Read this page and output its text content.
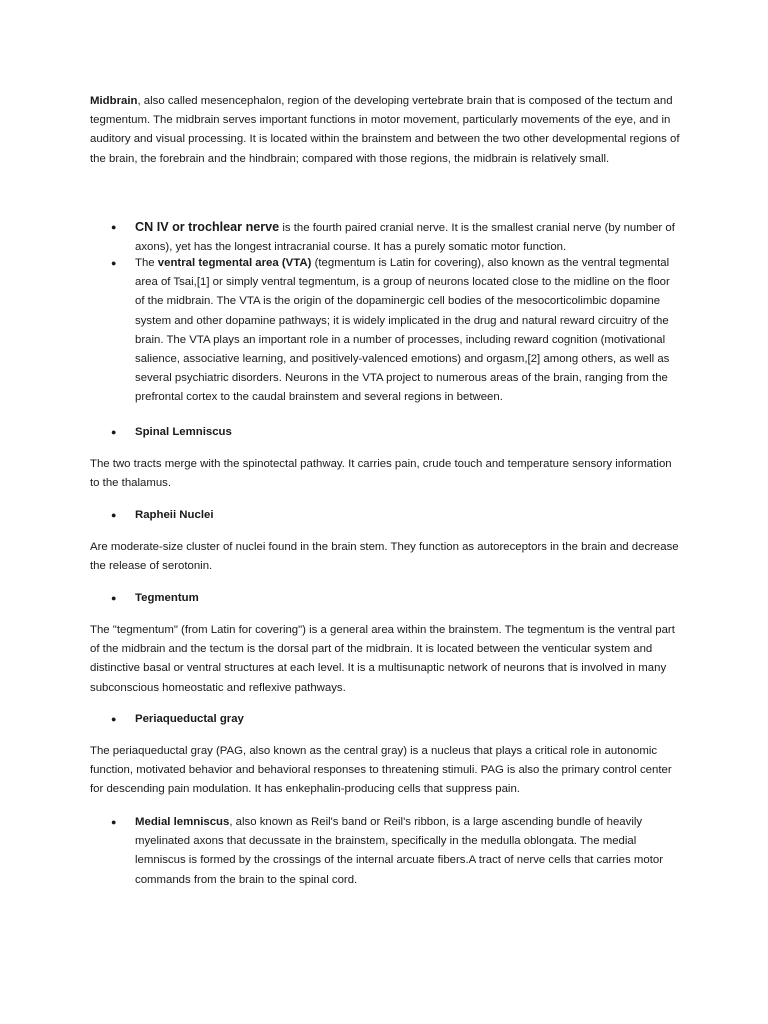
Midbrain, also called mesencephalon, region of the developing vertebrate brain that is composed of the tectum and tegmentum. The midbrain serves important functions in motor movement, particularly movements of the eye, and in auditory and visual processing. It is located within the brainstem and between the two other developmental regions of the brain, the forebrain and the hindbrain; compared with those regions, the midbrain is relatively small.

● CN IV or trochlear nerve is the fourth paired cranial nerve. It is the smallest cranial nerve (by number of axons), yet has the longest intracranial course. It has a purely somatic motor function.
● The ventral tegmental area (VTA) (tegmentum is Latin for covering), also known as the ventral tegmental area of Tsai,[1] or simply ventral tegmentum, is a group of neurons located close to the midline on the floor of the midbrain. The VTA is the origin of the dopaminergic cell bodies of the mesocorticolimbic dopamine system and other dopamine pathways; it is widely implicated in the drug and natural reward circuitry of the brain. The VTA plays an important role in a number of processes, including reward cognition (motivational salience, associative learning, and positively-valenced emotions) and orgasm,[2] among others, as well as several psychiatric disorders. Neurons in the VTA project to numerous areas of the brain, ranging from the prefrontal cortex to the caudal brainstem and several regions in between.
● Spinal Lemniscus

The two tracts merge with the spinotectal pathway. It carries pain, crude touch and temperature sensory information to the thalamus.

● Rapheii Nuclei

Are moderate-size cluster of nuclei found in the brain stem. They function as autoreceptors in the brain and decrease the release of serotonin.

● Tegmentum

The "tegmentum" (from Latin for covering") is a general area within the brainstem. The tegmentum is the ventral part of the midbrain and the tectum is the dorsal part of the midbrain. It is located between the venticular system and distinctive basal or ventral structures at each level. It is a multisunaptic network of neurons that is involved in many subconscious homeostatic and reflexive pathways.

● Periaqueductal gray

The periaqueductal gray (PAG, also known as the central gray) is a nucleus that plays a critical role in autonomic function, motivated behavior and behavioral responses to threatening stimuli. PAG is also the primary control center for descending pain modulation. It has enkephalin-producing cells that suppress pain.

● Medial lemniscus, also known as Reil's band or Reil's ribbon, is a large ascending bundle of heavily myelinated axons that decussate in the brainstem, specifically in the medulla oblongata. The medial lemniscus is formed by the crossings of the internal arcuate fibers.A tract of nerve cells that carries motor commands from the brain to the spinal cord.
